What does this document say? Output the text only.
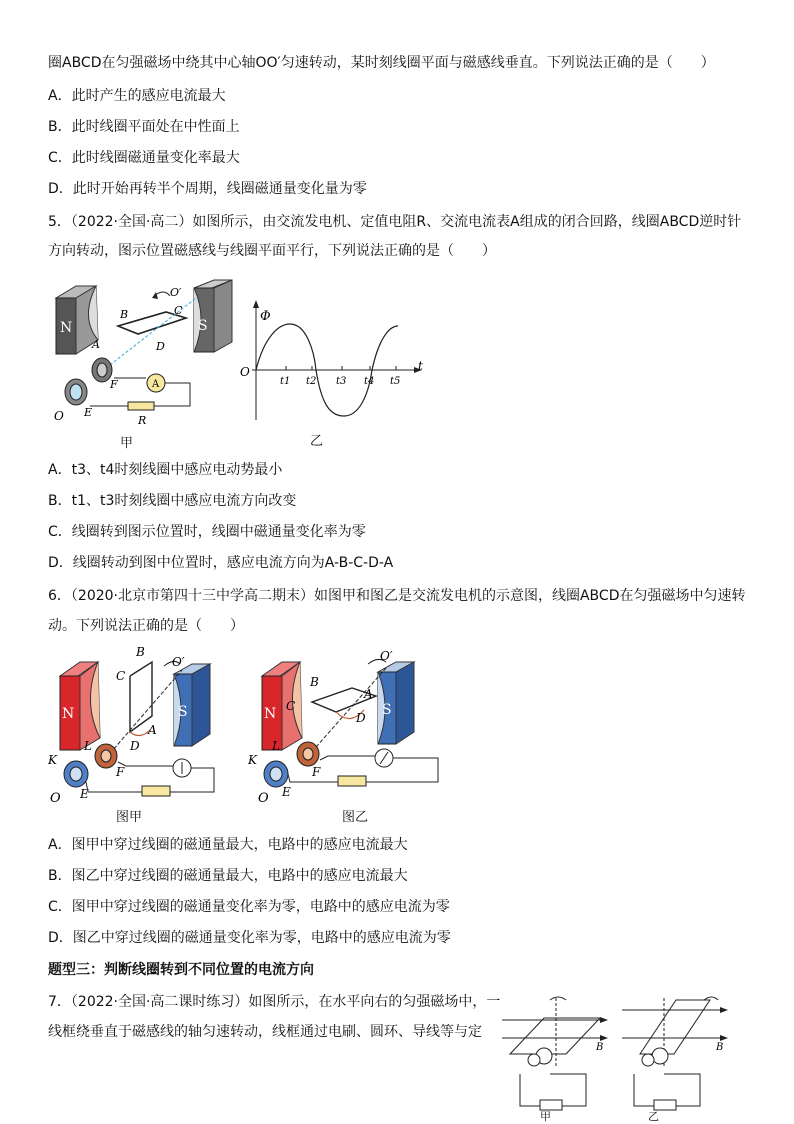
圈ABCD在匀强磁场中绕其中心轴OO′匀速转动，某时刻线圈平面与磁感线垂直。下列说法正确的是（　　）
A．此时产生的感应电流最大
B．此时线圈平面处在中性面上
C．此时线圈磁通量变化率最大
D．此时开始再转半个周期，线圈磁通量变化量为零
5．（2022·全国·高二）如图所示，由交流发电机、定值电阻R、交流电流表A组成的闭合回路，线圈ABCD逆时针
方向转动，图示位置磁感线与线圈平面平行，下列说法正确的是（　　）
N	S
B	C
D
A
O′
F
O E
A
R
甲
Φ
t
O
t1 t2 t3 t4 t5
乙
A．t3、t4时刻线圈中感应电动势最小
B．t1、t3时刻线圈中感应电流方向改变
C．线圈转到图示位置时，线圈中磁通量变化率为零
D．线圈转动到图中位置时，感应电流方向为A-B-C-D-A
6．（2020·北京市第四十三中学高二期末）如图甲和图乙是交流发电机的示意图，线圈ABCD在匀强磁场中匀速转
动。下列说法正确的是（　　）
N	S
B
C
A
D
O′
K
L
F
E
O
图甲
N	S
B
C
A
D
O′
K
L
F
E
O
图乙
A．图甲中穿过线圈的磁通量最大，电路中的感应电流最大
B．图乙中穿过线圈的磁通量最大，电路中的感应电流最大
C．图甲中穿过线圈的磁通量变化率为零，电路中的感应电流为零
D．图乙中穿过线圈的磁通量变化率为零，电路中的感应电流为零
题型三：判断线圈转到不同位置的电流方向
7．（2022·全国·高二课时练习）如图所示，在水平向右的匀强磁场中，一
线框绕垂直于磁感线的轴匀速转动，线框通过电刷、圆环、导线等与定
B
甲
B
乙
